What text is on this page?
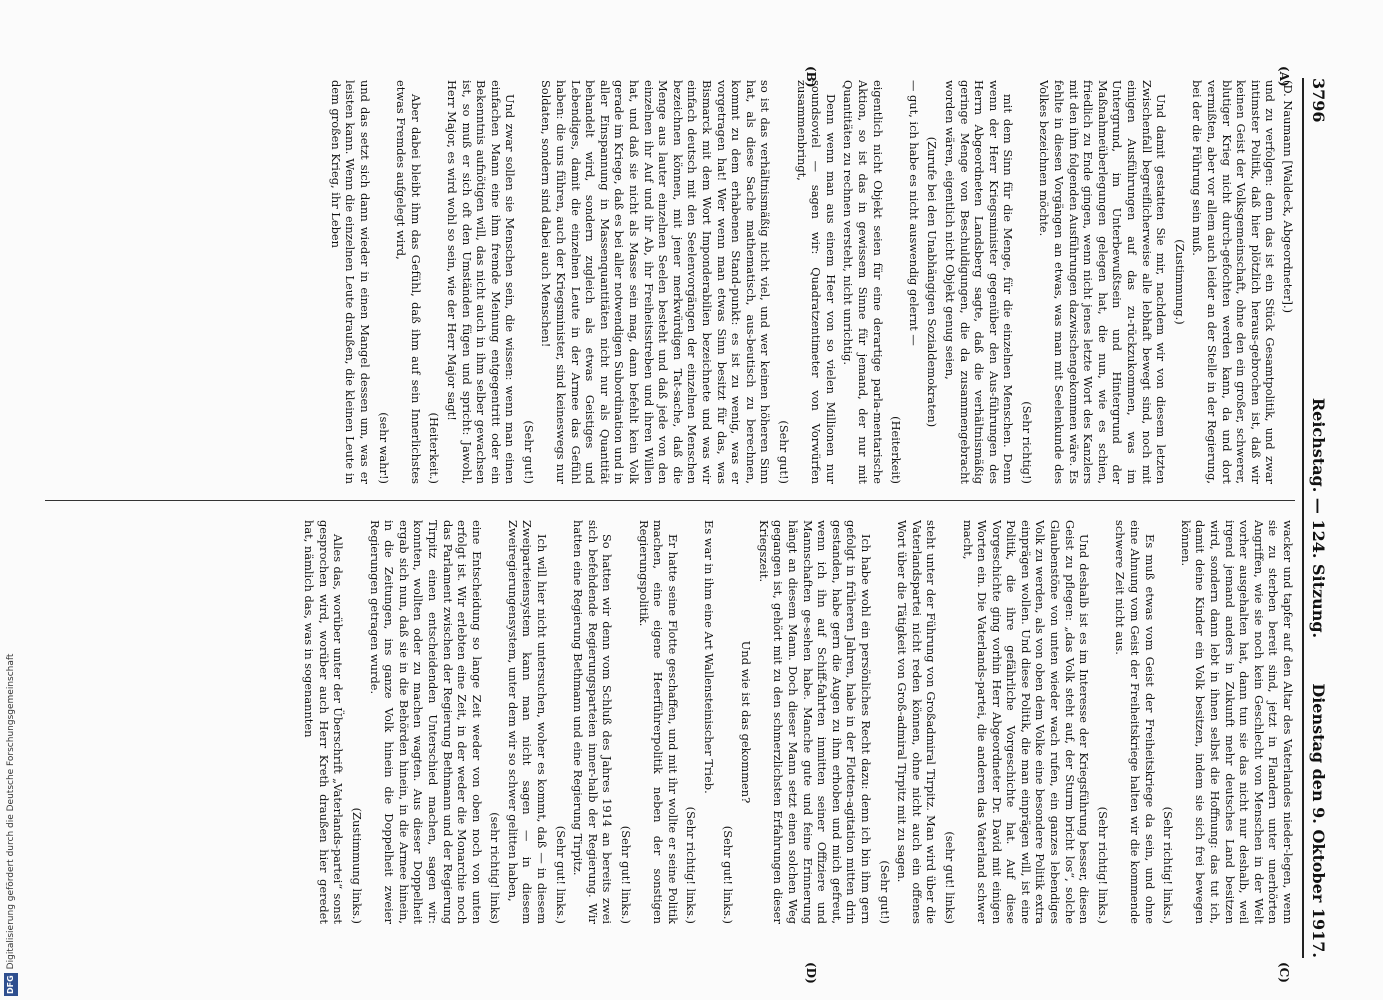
3796
Reichstag. — 124. Sitzung.
Dienstag den 9. Oktober 1917.
(A)
(B)
(C)
(D)

(D. Naumann [Waldeck, Abgeordneter].)

und zu verfolgen: denn das ist ein Stück Gesamtpolitik, und zwar intimster Politik, daß hier plötzlich heraus-gebrochen ist, daß wir keinen Geist der Volksgemeinschaft, ohne den ein großer, schwerer, blutiger Krieg nicht durch-gefochten werden kann, da und dort vermißten, aber vor allem auch leider an der Stelle in der Regierung, bei der die Führung sein muß.

(Zustimmung.)

Und damit gestatten Sie mir, nachdem wir von diesem letzten Zwischenfall begreiflicherweise alle lebhaft bewegt sind, noch mit einigen Ausführungen auf das zu-rückzukommen, was im Untergrund, im Unterbewußtsein und Hintergrund der Maßnahmeüberlegungen gelegen hat, die nun, wie es schien, friedlich zu Ende gingen, wenn nicht jenes letzte Wort des Kanzlers mit den ihm folgenden Ausführungen dazwischengekommen wäre. Es fehlte in diesen Vorgängen an etwas, was man mit Seelenkunde des Volkes bezeichnen möchte.

(Sehr richtig!)

mit dem Sinn für die Menge, für die einzelnen Menschen. Denn wenn der Herr Kriegsminister gegenüber den Aus-führungen des Herrn Abgeordneten Landsberg sagte, daß die verhältnismäßig geringe Menge von Beschuldigungen, die da zusammengebracht worden wären, eigentlich nicht Objekt genug seien,

(Zurufe bei den Unabhängigen Sozialdemokraten)

— gut, ich habe es nicht auswendig gelernt —

(Heiterkeit)

eigentlich nicht Objekt seien für eine derartige parla-mentarische Aktion, so ist das in gewissem Sinne für jemand, der nur mit Quantitäten zu rechnen versteht, nicht unrichtig.

Denn wenn man aus einem Heer von so vielen Millionen nur soundsoviel — sagen wir: Quadratzentimeter von Vorwürfen zusammenbringt,

(Sehr gut!)

so ist das verhältnismäßig nicht viel, und wer keinen höheren Sinn hat, als diese Sache mathematisch, aus-beutisch zu berechnen, kommt zu dem erhabenen Stand-punkt: es ist zu wenig, was er vorgetragen hat! Wer wenn man etwas Sinn besitzt für das, was Bismarck mit dem Wort Imponderabilien bezeichnete und was wir einfach deutsch mit den Seelenvorgängen der einzelnen Menschen bezeichnen können, mit jener merkwürdigen Tat-sache, daß die Menge aus lauter einzelnen Seelen besteht und daß jede von den einzelnen ihr Auf und ihr Ab, ihr Freiheitsstreben und ihren Willen hat, und daß sie nicht als Masse sein mag, dann befehlt kein Volk gerade im Kriege, daß es bei aller notwendigen Subordination und in aller Einspannung in Massenquantitäten nicht nur als Quantität behandelt wird, sondern zugleich als etwas Geistiges und Lebendiges, damit die einzelnen Leute in der Armee das Gefühl haben: die uns führen, auch der Kriegsminister, sind keineswegs nur Soldaten, sondern sind dabei auch Menschen!

(Sehr gut!)

Und zwar sollen sie Menschen sein, die wissen: wenn man einen einfachen Mann eine ihm fremde Meinung entgegentritt oder ein Bekenntnis aufnötigen will, das nicht auch in ihm selber gewachsen ist, so muß er sich oft den Umständen fügen und spricht: Jawohl, Herr Major, es wird wohl so sein, wie der Herr Major sagt!

(Heiterkeit.)

Aber dabei bleibt ihm das Gefühl, daß ihm auf sein Innerlichstes etwas Fremdes aufgelegt wird,

(sehr wahr!)

und das setzt sich dann wieder in einen Mangel dessen um, was er leisten kann. Wenn die einzelnen Leute draußen, die kleinen Leute in dem großen Krieg, ihr Leben

wacker und tapfer auf den Altar des Vaterlandes nieder-legen, wenn sie zu sterben bereit sind, jetzt in Flandern unter unerhörten Angriffen, wie sie noch kein Geschlecht von Menschen in der Welt vorher ausgehalten hat, dann tun sie das nicht nur deshalb, weil irgend jemand anders in Zukunft mehr deutsches Land besitzen wird, sondern dann lebt in ihnen selbst die Hoffnung: das tut ich, damit deine Kinder ein Volk besitzen, indem sie sich frei bewegen können.

(Sehr richtig! links.)

Es muß etwas vom Geist der Freiheitskriege da sein, und ohne eine Ahnung vom Geist der Freiheitskriege halten wir die kommende schwere Zeit nicht aus.

(Sehr richtig! links.)

Und deshalb ist es im Interesse der Kriegsführung besser, diesen Geist zu pflegen: „das Volk steht auf, der Sturm bricht los“, solche Glaubenstöne von unten wieder wach rufen, ein ganzes lebendiges Volk zu werden, als von oben dem Volke eine besondere Politik extra einprägen wollen. Und diese Politik, die man einprägen will, ist eine Politik, die ihre gefährliche Vorgeschichte hat. Auf diese Vorgeschichte ging vorhin Herr Abgeordneter Dr. David mit einigen Worten ein. Die Vaterlands-partei, die anderen das Vaterland schwer macht,

(sehr gut! links)

steht unter der Führung von Großadmiral Tirpitz. Man wird über die Vaterlandspartei nicht reden können, ohne nicht auch ein offenes Wort über die Tätigkeit von Groß-admiral Tirpitz mit zu sagen.

(Sehr gut!)

Ich habe wohl ein persönliches Recht dazu: denn ich bin ihm gern gefolgt in früheren Jahren, habe in der Flotten-agitation mitten drin gestanden, habe gern die Augen zu ihm erhoben und mich gefreut, wenn ich ihn auf Schiff-fahrten inmitten seiner Offiziere und Mannschaften ge-sehen habe. Manche gute und feine Erinnerung hängt an diesem Mann. Doch dieser Mann setzt einen solchen Weg gegangen ist, gehört mit zu den schmerzlichsten Erfahrungen dieser Kriegszeit.

Und wie ist das gekommen?

(Sehr gut! links.)

Es war in ihm eine Art Wallensteinischer Trieb.

(Sehr richtig! links.)

Er hatte seine Flotte geschaffen, und mit ihr wollte er seine Politik machen, eine eigene Heerführerpolitik neben der sonstigen Regierungspolitik.

(Sehr gut! links.)

So hatten wir denn vom Schluß des Jahres 1914 an bereits zwei sich befehdende Regierungsparteien inner-halb der Regierung. Wir hatten eine Regierung Bethmann und eine Regierung Tirpitz.

(Sehr gut! links.)

Ich will hier nicht untersuchen, woher es kommt, daß — in diesem Zweiparteiensystem kann man nicht sagen — in diesem Zweiregierungensystem, unter dem wir so schwer gelitten haben,

(sehr richtig! links)

eine Entscheidung so lange Zeit weder von oben noch von unten erfolgt ist. Wir erlebten eine Zeit, in der weder die Monarchie noch das Parlament zwischen der Regierung Bethmann und der Regierung Tirpitz einen entscheidenden Unterschied machen, sagen wir: konnten, wollten oder zu machen wagten. Aus dieser Doppelheit ergab sich nun, daß sie in die Behörden hinein, in die Armee hinein, in die Zeitungen, ins ganze Volk hinein die Doppelheit zweier Regierungen getragen wurde.

(Zustimmung links.)

Alles das, worüber unter der Überschrift „Vaterlands-partei“ sonst gesprochen wird, worüber auch Herr Kreth draußen hier geredet hat, nämlich das, was in sogenannten

DFGDigitalisierung gefördert durch die Deutsche Forschungsgemeinschaft
